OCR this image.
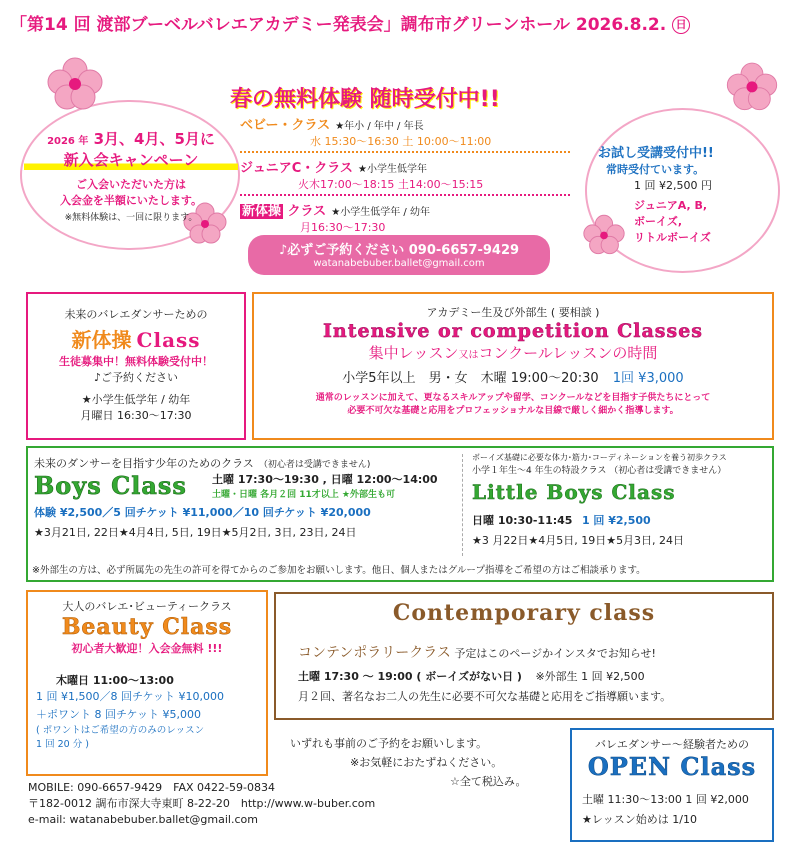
「第14 回 渡部ブーベルバレエアカデミー発表会」調布市グリーンホール 2026.8.2. 日
2026 年 3月、4月、5月に
新入会キャンペーン
ご入会いただいた方は
入会金を半額にいたします。
※無料体験は、一回に限ります。
春の無料体験 随時受付中!!
ベビー・クラス ★年小 / 年中 / 年長
水 15:30～16:30 土 10:00～11:00
ジュニアC・クラス ★小学生低学年
火木17:00～18:15 土14:00～15:15
新体操 クラス ★小学生低学年 / 幼年
月16:30～17:30
♪必ずご予約ください 090-6657-9429
watanabebuber.ballet@gmail.com
お試し受講受付中!!
常時受付ています。
1 回 ¥2,500 円
ジュニアA, B,
ボーイズ,
リトルボーイズ
未来のバレエダンサーための
新体操 Class
生徒募集中！無料体験受付中！
♪ご予約ください
★小学生低学年 / 幼年
月曜日 16:30～17:30
アカデミー生及び外部生 ( 要相談 )
Intensive or competition Classes
集中レッスン又はコンクールレッスンの時間
小学5年以上　男・女　木曜 19:00～20:30 1回 ¥3,000
通常のレッスンに加えて、更なるスキルアップや留学、コンクールなどを目指す子供たちにとって
必要不可欠な基礎と応用をプロフェッショナルな目線で厳しく細かく指導します。
未来のダンサーを目指す少年のためのクラス （初心者は受講できません)
Boys Class	土曜 17:30～19:30 , 日曜 12:00～14:00
土曜・日曜 各月２回 11才以上 ★外部生も可
体験 ¥2,500／5 回チケット ¥11,000／10 回チケット ¥20,000
★3月21日, 22日★4月4日, 5日, 19日★5月2日, 3日, 23日, 24日
ボーイズ基礎に必要な体力･筋力･コーディネーションを養う初歩クラス
小学１年生～4 年生の特設クラス （初心者は受講できません）
Little Boys Class
日曜 10:30-11:45 1 回 ¥2,500
★3 月22日★4月5日, 19日★5月3日, 24日
※外部生の方は、必ず所属先の先生の許可を得てからのご参加をお願いします。他日、個人またはグループ指導をご希望の方はご相談承ります。
大人のバレエ･ビューティークラス
Beauty Class
初心者大歓迎！入会金無料 !!!
木曜日 11:00～13:00
1 回 ¥1,500／8 回チケット ¥10,000
＋ポワント 8 回チケット ¥5,000
( ポワントはご希望の方のみのレッスン
1 回 20 分 )
Contemporary class
コンテンポラリークラス 予定はこのページかインスタでお知らせ!
土曜 17:30 ～ 19:00 ( ボーイズがない日 ) ※外部生 1 回 ¥2,500
月２回、著名なお二人の先生に必要不可欠な基礎と応用をご指導願います。
いずれも事前のご予約をお願いします。
※お気軽におたずねください。
☆全て税込み。
MOBILE: 090-6657-9429　FAX 0422-59-0834
〒182-0012 調布市深大寺東町 8-22-20　http://www.w-buber.com
e-mail: watanabebuber.ballet@gmail.com
バレエダンサー〜経験者ための
OPEN Class
土曜 11:30～13:00 1 回 ¥2,000
★レッスン始めは 1/10
